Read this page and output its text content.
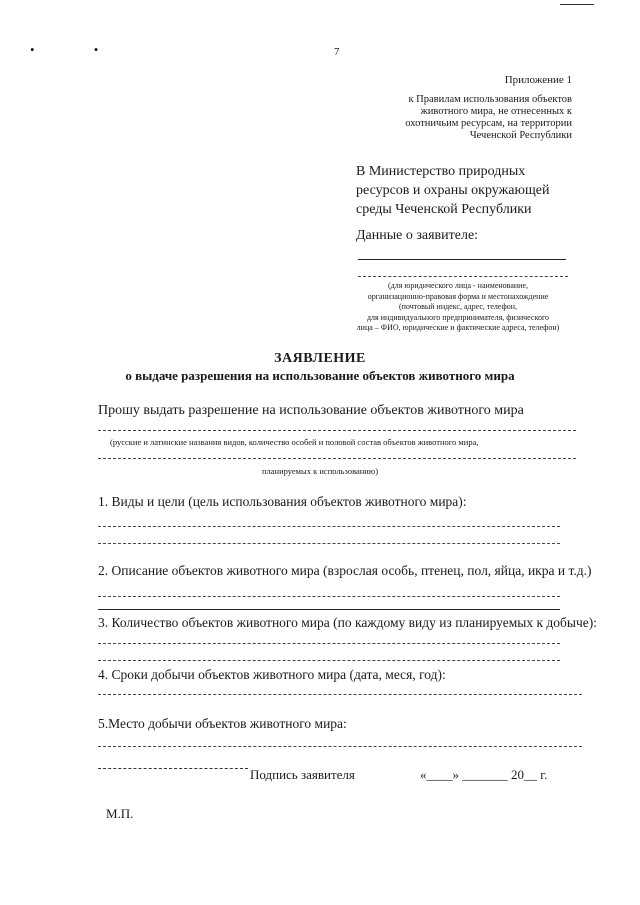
• •	7
Приложение 1
к Правилам использования объектов
животного мира, не отнесенных к
охотничьим ресурсам, на территории
Чеченской Республики
В Министерство природных
ресурсов и охраны окружающей
среды Чеченской Республики
Данные о заявителе:
(для юридического лица - наименование,
организационно-правовая форма и местонахождение
(почтовый индекс, адрес, телефон,
для индивидуального предпринимателя, физического
лица – ФИО, юридические и фактические адреса, телефон)
ЗАЯВЛЕНИЕ
о выдаче разрешения на использование объектов животного мира
Прошу выдать разрешение на использование объектов животного мира
(русские и латинские названия видов, количество особей и половой состав объектов животного мира,
планируемых к использованию)
1. Виды и цели (цель использования объектов животного мира):
2. Описание объектов животного мира (взрослая особь, птенец, пол, яйца, икра и т.д.)
3. Количество объектов животного мира (по каждому виду из планируемых к добыче):
4. Сроки добычи объектов животного мира (дата, меся, год):
5.Место добычи объектов животного мира:
Подпись заявителя	«____» _______ 20__ г.
М.П.
